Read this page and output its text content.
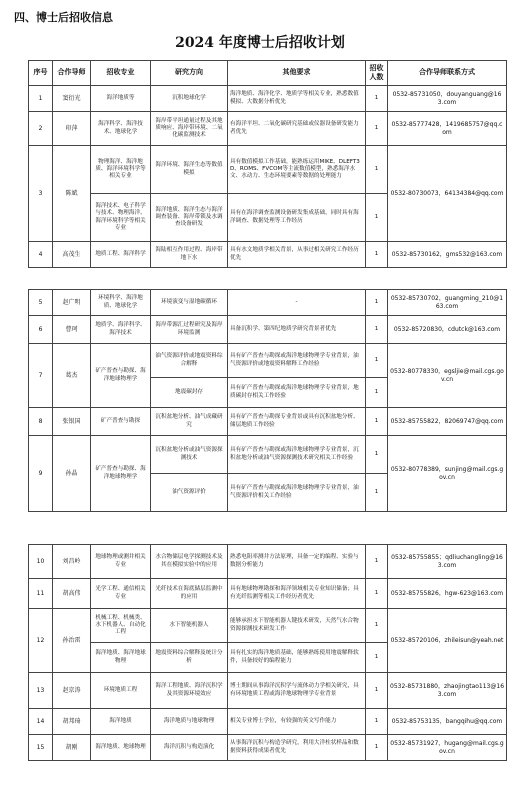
四、博士后招收信息
2024 年度博士后招收计划
序号	合作导师	招收专业	研究方向	其他要求	招收人数	合作导师联系方式
1	窦衍光	海洋地质等	沉积地球化学	海洋地质、海洋化学、地质学等相关专业，熟悉数值模拟、大数据分析优先	1	0532-85731050，douyanguang@163.com
2	印萍	海洋科学、海洋技术、地球化学	海岸带平坦通量过程及其地质响应、海岸带环境、二氧化碳监测技术	有海洋平坦、二氧化碳研究基础或仪器设备研发能力者优先	1	0532-85777428，1419685757@qq.com
3	陈斌	物理海洋、海洋地质、海洋环境科学等相关专业	海洋环境、海洋生态等数值模拟	具有数值模拟工作基础，能熟练运用MIKE、DLEFT3D、ROMS、FVCOM等主流数值模型，熟悉海洋水文、水动力、生态环境要素等数据的处理能力	1	0532-80730073，64134384@qq.com
		海洋技术、电子科学与技术、物理海洋、海洋环境科学等相关专业	海洋地质、海洋生态与海洋调查装备、海岸带锁及水调查设备研发	具有在海洋调查监测设备研发集成基础，同时具有海洋调查、数据处理等工作经历	1	
4	高茂生	地质工程、海洋科学	海陆相互作用过程、海岸带地下水	具有水文地质学相关背景，从事过相关研究工作经历优先	1	0532-85730162，gms532@163.com
5	赵广明	环境科学、海洋地质、地球化学	环境演变与湿地碳循环	-	1	0532-85730702，guangming_210@163.com
6	曹珂	地质学、海洋科学、海洋技术	海岸带源汇过程研究及海岸环境监测	具备沉积学、第四纪地质学研究背景者优先	1	0532-85720830，cdutck@163.com
7	葛杰	矿产普查与勘探、海洋地球物理学	油气资源评价或地震资料综合解释	具有矿产普查与勘探或海洋地球物理学专业背景，油气资源评价或地震资料解释工作经验	1	0532-80778330，egsljie@mail.cgs.gov.cn
			地震碳封存	具有矿产普查与勘探或海洋地球物理学专业背景，地质碳封存相关工作经验	1	
8	张银国	矿产普查与勘探	沉积盆地分析、油气成藏研究	具有矿产普查与勘探专业背景或具有沉积盆地分析、储层地质工作经验	1	0532-85755822，82069747@qq.com
9	孙晶	矿产普查与勘探、海洋地球物理学	沉积盆地分析或油气资源探测技术	具有矿产普查与勘探或海洋地球物理学专业背景，沉积盆地分析或油气资源探测技术研究相关工作经验	1	0532-80778389，sunjing@mail.cgs.gov.cn
			油气资源评价	具有矿产普查与勘探或海洋地球物理学专业背景，油气资源评价相关工作经验	1	
10	刘昌岭	地球物理或测井相关专业	水合物储层电学探测技术及其在模拟实验中的应用	熟悉电阻率测井方法原理，具备一定的编程、实验与数据分析能力	1	0532-85755855；qdliuchangling@163.com
11	胡高伟	光学工程、通信相关专业	光纤技术在海底储层监测中的应用	具有地球物理勘探和海洋领域相关专业知识储备；具有光纤监测等相关工作经历者优先	1	0532-85755826，hgw-623@163.com
12	孙治雷	机械工程、机械类、水下机器人、自动化工程	水下智能机器人	能够承担水下智能机器人键技术研发，天然气水合物资源探测技术研发工作	1	0532-85720106，zhileisun@yeah.net
		海洋地质、海洋地球物理	地震资料综合解释及统计分析	具有扎实的海洋地质基础，能够熟练使用地震解释软件，具备较好的编程能力	1	
13	赵京涛	环境地质工程	海洋工程地质、海洋沉积学及其资源环境效应	博士期间从事海洋沉积学与流体动力学相关研究，具有环境地质工程或海洋地球物理学专业背景	1	0532-85731880，zhaojingtao113@163.com
14	胡邦琦	海洋地质	海洋地质与地球物理	相关专业博士学位，有较强的英文写作能力	1	0532-85753135，bangqihu@qq.com
15	胡刚	海洋地质、地球物理	海洋沉积与构造演化	从事海洋沉积与构造学研究，利用大洋柱状样品和数据资料获得成果者优先	1	0532-85731927，hugang@mail.cgs.gov.cn
